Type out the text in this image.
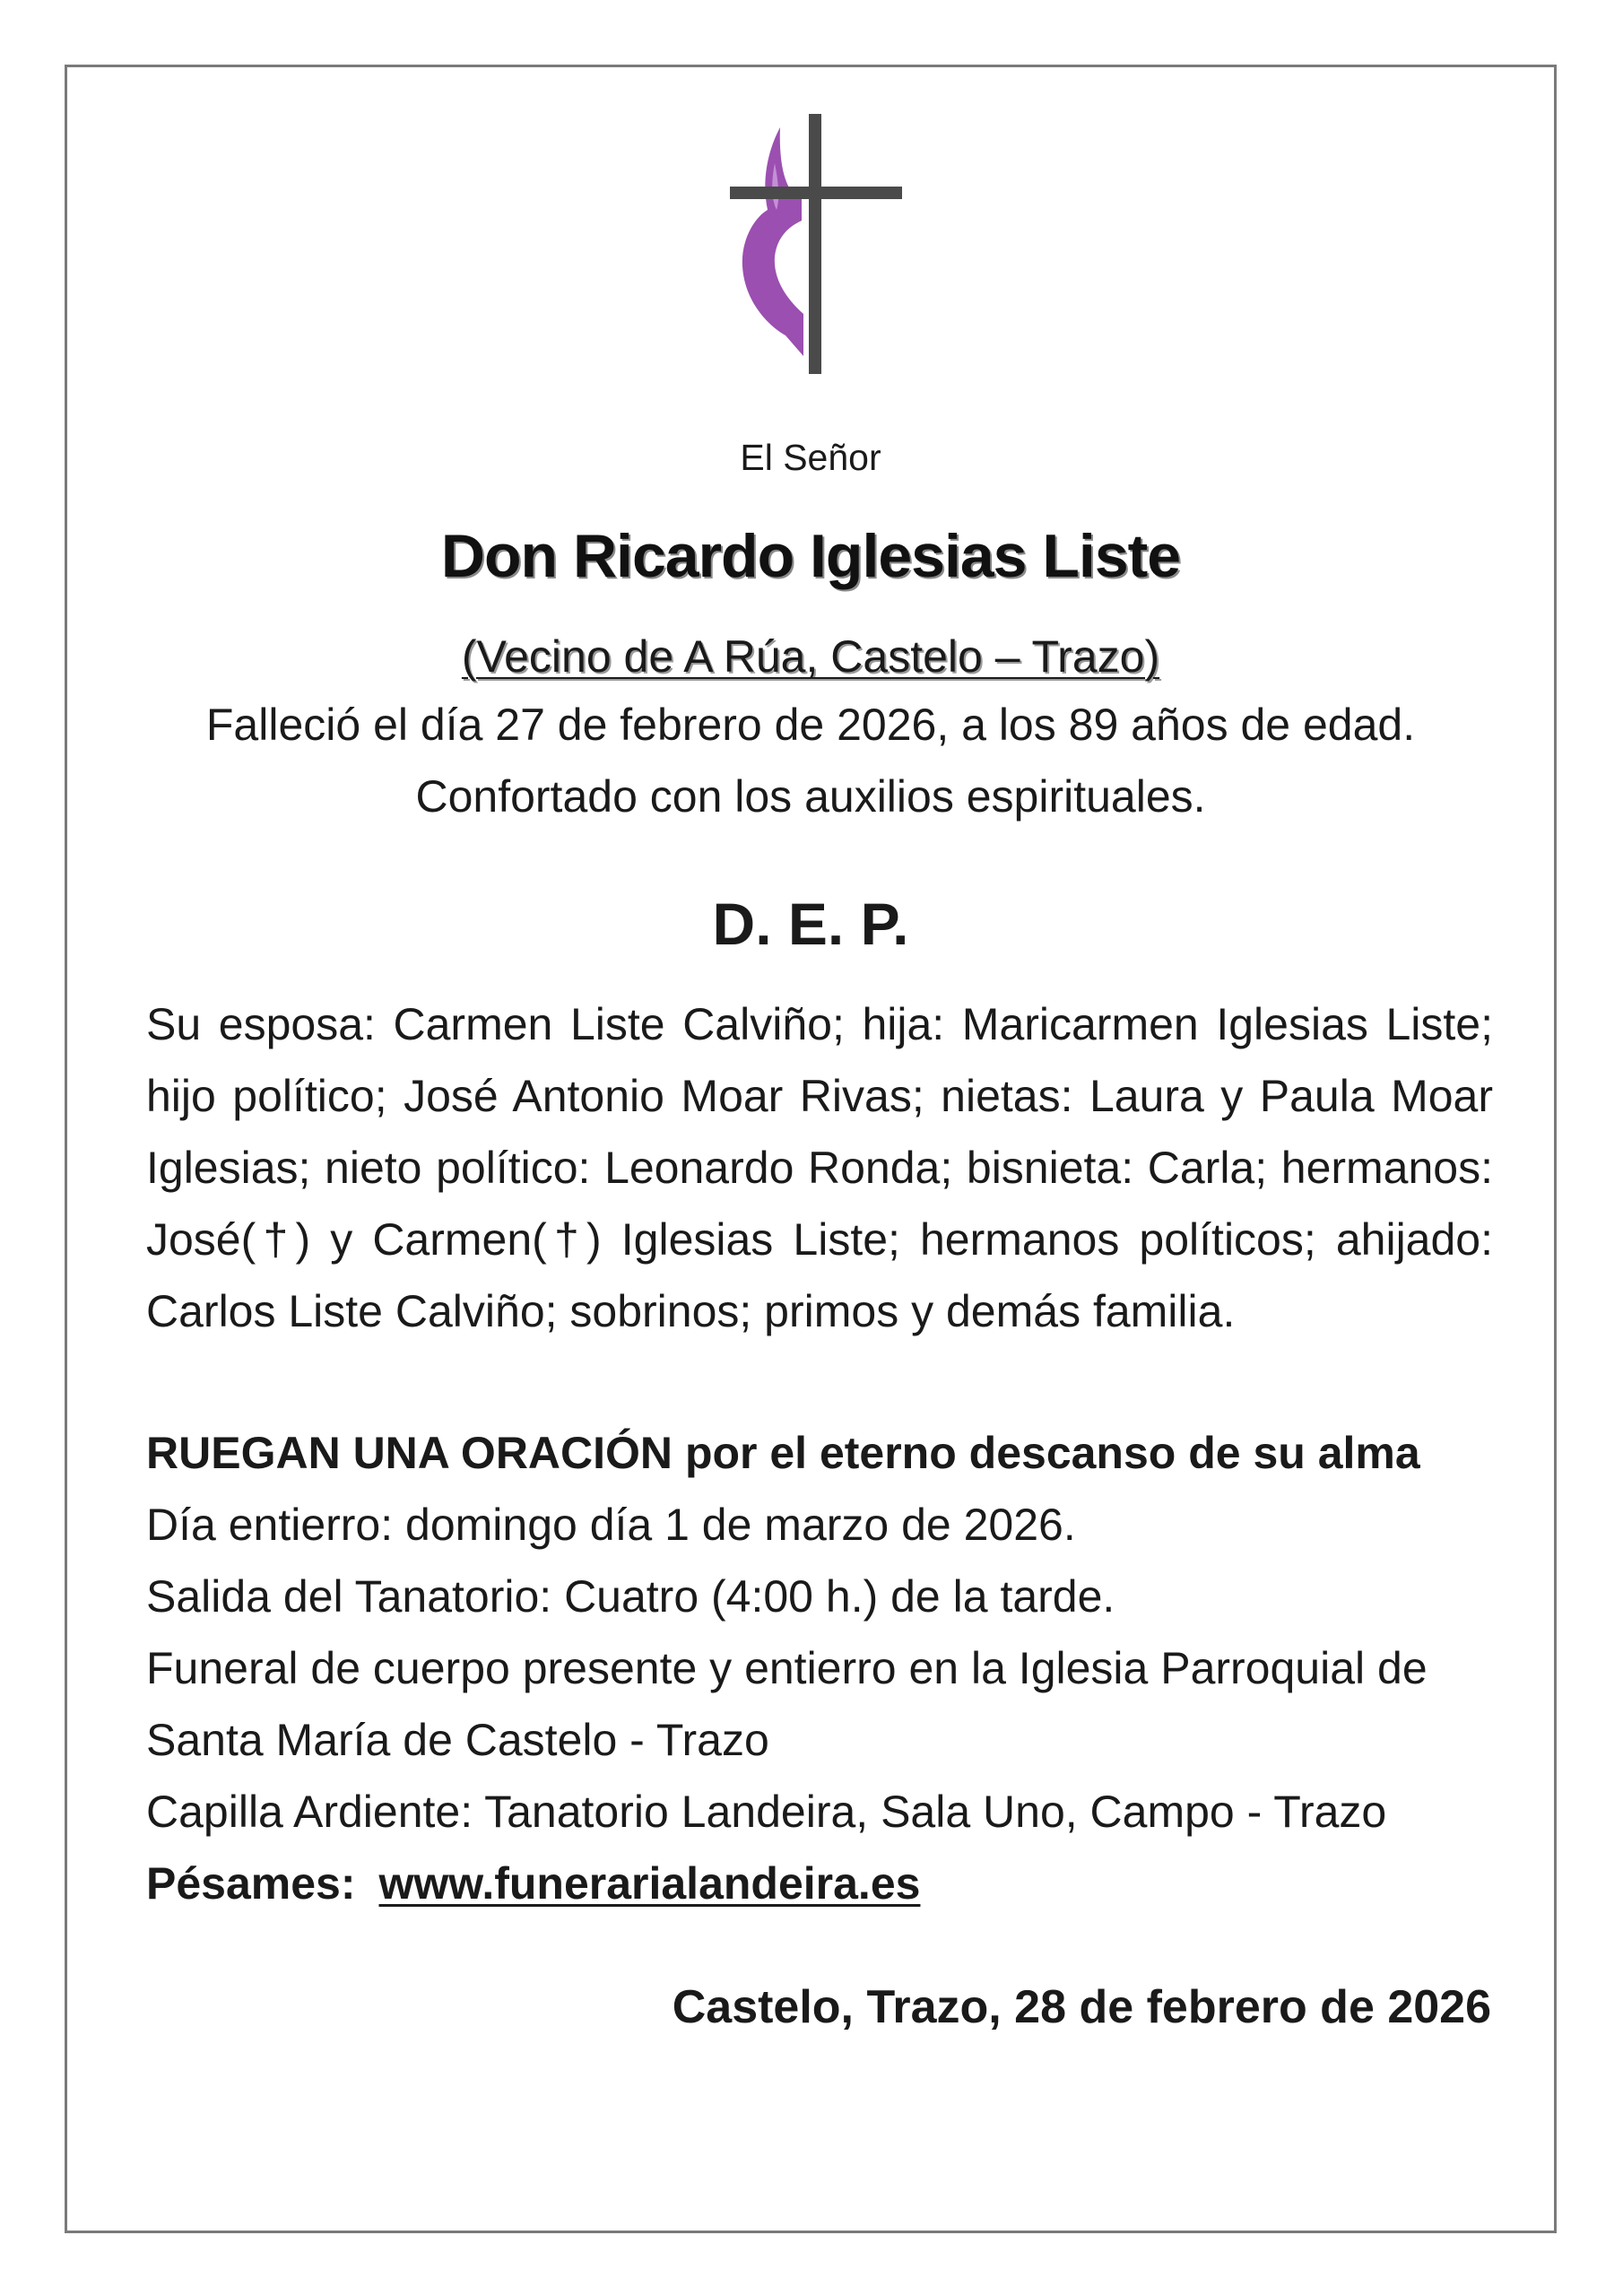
El Señor
Don Ricardo Iglesias Liste
(Vecino de A Rúa, Castelo – Trazo)
Falleció el día 27 de febrero de 2026, a los 89 años de edad.
Confortado con los auxilios espirituales.
D. E. P.

Su esposa: Carmen Liste Calviño; hija: Maricarmen Iglesias Liste; hijo político; José Antonio Moar Rivas; nietas: Laura y Paula Moar Iglesias; nieto político: Leonardo Ronda; bisnieta: Carla; hermanos: José(†) y Carmen(†) Iglesias Liste; hermanos políticos; ahijado: Carlos Liste Calviño; sobrinos; primos y demás familia.

RUEGAN UNA ORACIÓN por el eterno descanso de su alma
Día entierro: domingo día 1 de marzo de 2026.
Salida del Tanatorio: Cuatro (4:00 h.) de la tarde.
Funeral de cuerpo presente y entierro en la Iglesia Parroquial de
Santa María de Castelo - Trazo
Capilla Ardiente: Tanatorio Landeira, Sala Uno, Campo - Trazo
Pésames: www.funerarialandeira.es
Castelo, Trazo, 28 de febrero de 2026
